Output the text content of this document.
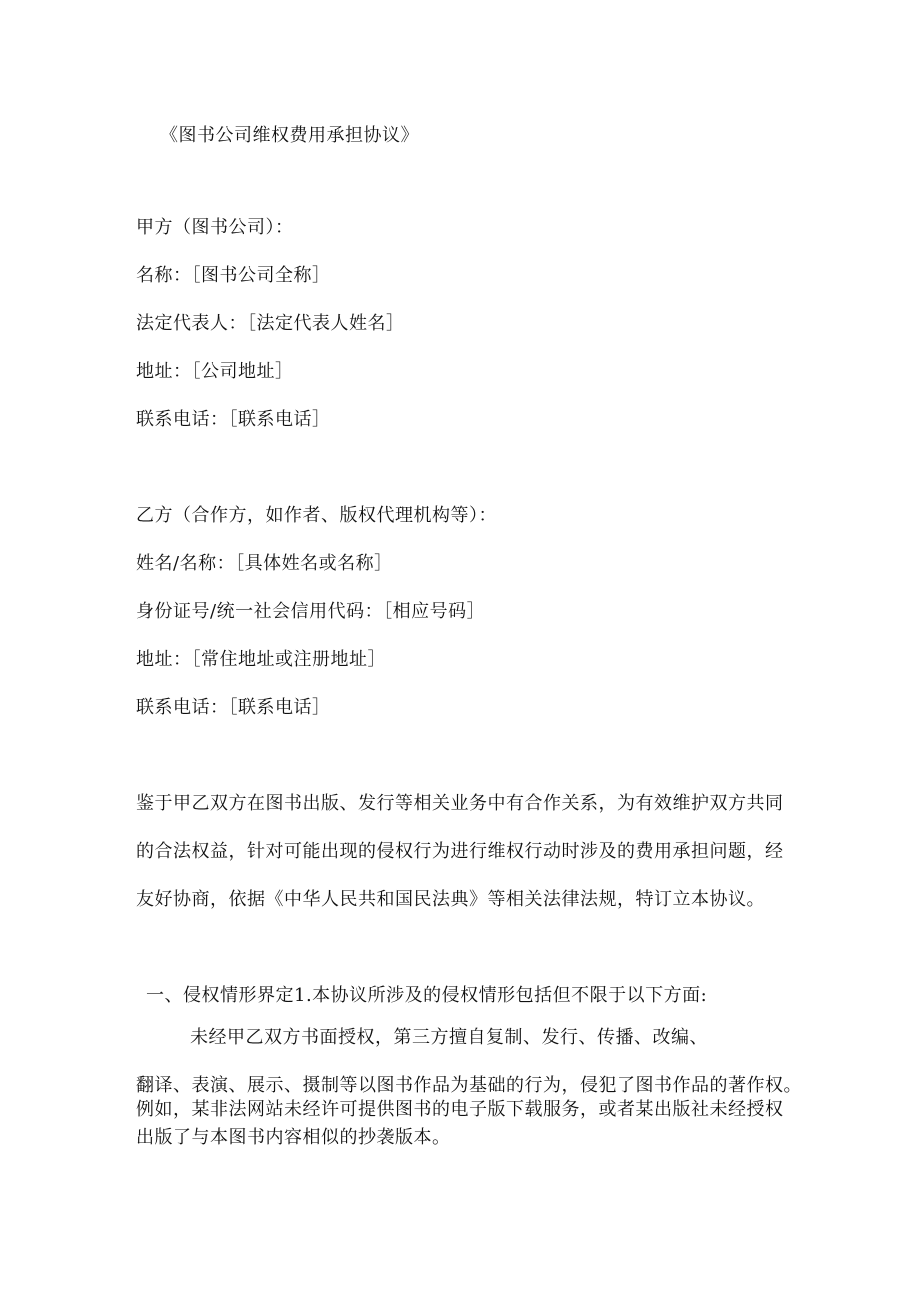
《图书公司维权费用承担协议》
甲方（图书公司）：
名称：［图书公司全称］
法定代表人：［法定代表人姓名］
地址：［公司地址］
联系电话：［联系电话］
乙方（合作方，如作者、版权代理机构等）：
姓名/名称：［具体姓名或名称］
身份证号/统一社会信用代码：［相应号码］
地址：［常住地址或注册地址］
联系电话：［联系电话］
鉴于甲乙双方在图书出版、发行等相关业务中有合作关系，为有效维护双方共同
的合法权益，针对可能出现的侵权行为进行维权行动时涉及的费用承担问题，经
友好协商，依据《中华人民共和国民法典》等相关法律法规，特订立本协议。
一、侵权情形界定1.本协议所涉及的侵权情形包括但不限于以下方面:
未经甲乙双方书面授权，第三方擅自复制、发行、传播、改编、
翻译、表演、展示、摄制等以图书作品为基础的行为，侵犯了图书作品的著作权。
例如，某非法网站未经许可提供图书的电子版下载服务，或者某出版社未经授权
出版了与本图书内容相似的抄袭版本。
